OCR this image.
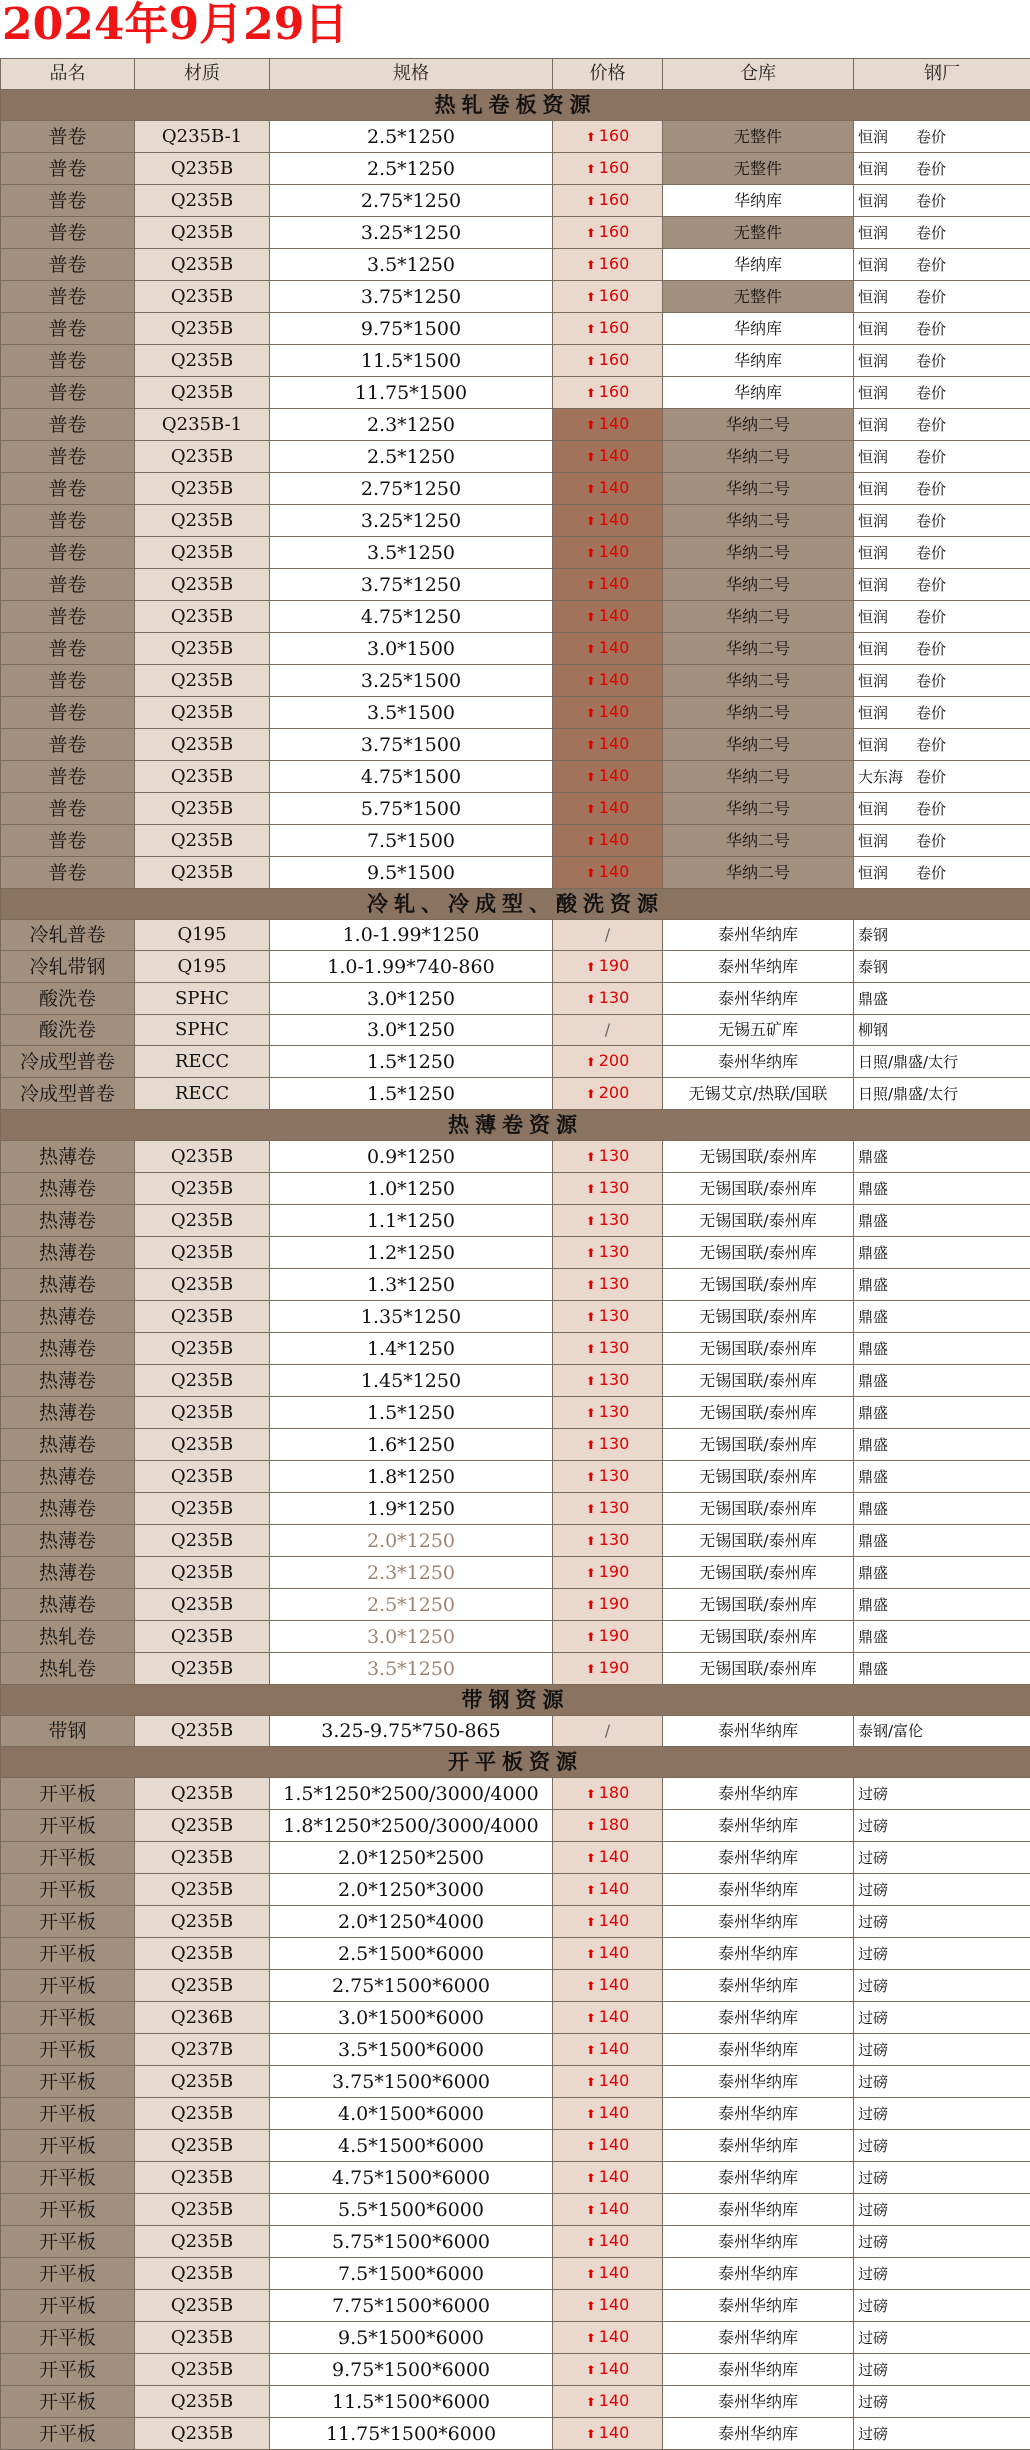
2024年9月29日
品名	材质	规格	价格	仓库	钢厂
热轧卷板资源					
普卷	Q235B-1	2.5*1250	⬆ 160	无整件	恒润 卷价
普卷	Q235B	2.5*1250	⬆ 160	无整件	恒润 卷价
普卷	Q235B	2.75*1250	⬆ 160	华纳库	恒润 卷价
普卷	Q235B	3.25*1250	⬆ 160	无整件	恒润 卷价
普卷	Q235B	3.5*1250	⬆ 160	华纳库	恒润 卷价
普卷	Q235B	3.75*1250	⬆ 160	无整件	恒润 卷价
普卷	Q235B	9.75*1500	⬆ 160	华纳库	恒润 卷价
普卷	Q235B	11.5*1500	⬆ 160	华纳库	恒润 卷价
普卷	Q235B	11.75*1500	⬆ 160	华纳库	恒润 卷价
普卷	Q235B-1	2.3*1250	⬆ 140	华纳二号	恒润 卷价
普卷	Q235B	2.5*1250	⬆ 140	华纳二号	恒润 卷价
普卷	Q235B	2.75*1250	⬆ 140	华纳二号	恒润 卷价
普卷	Q235B	3.25*1250	⬆ 140	华纳二号	恒润 卷价
普卷	Q235B	3.5*1250	⬆ 140	华纳二号	恒润 卷价
普卷	Q235B	3.75*1250	⬆ 140	华纳二号	恒润 卷价
普卷	Q235B	4.75*1250	⬆ 140	华纳二号	恒润 卷价
普卷	Q235B	3.0*1500	⬆ 140	华纳二号	恒润 卷价
普卷	Q235B	3.25*1500	⬆ 140	华纳二号	恒润 卷价
普卷	Q235B	3.5*1500	⬆ 140	华纳二号	恒润 卷价
普卷	Q235B	3.75*1500	⬆ 140	华纳二号	恒润 卷价
普卷	Q235B	4.75*1500	⬆ 140	华纳二号	大东海 卷价
普卷	Q235B	5.75*1500	⬆ 140	华纳二号	恒润 卷价
普卷	Q235B	7.5*1500	⬆ 140	华纳二号	恒润 卷价
普卷	Q235B	9.5*1500	⬆ 140	华纳二号	恒润 卷价
冷轧、冷成型、酸洗资源					
冷轧普卷	Q195	1.0-1.99*1250	/	泰州华纳库	泰钢
冷轧带钢	Q195	1.0-1.99*740-860	⬆ 190	泰州华纳库	泰钢
酸洗卷	SPHC	3.0*1250	⬆ 130	泰州华纳库	鼎盛
酸洗卷	SPHC	3.0*1250	/	无锡五矿库	柳钢
冷成型普卷	RECC	1.5*1250	⬆ 200	泰州华纳库	日照/鼎盛/太行
冷成型普卷	RECC	1.5*1250	⬆ 200	无锡艾京/热联/国联	日照/鼎盛/太行
热薄卷资源					
热薄卷	Q235B	0.9*1250	⬆ 130	无锡国联/泰州库	鼎盛
热薄卷	Q235B	1.0*1250	⬆ 130	无锡国联/泰州库	鼎盛
热薄卷	Q235B	1.1*1250	⬆ 130	无锡国联/泰州库	鼎盛
热薄卷	Q235B	1.2*1250	⬆ 130	无锡国联/泰州库	鼎盛
热薄卷	Q235B	1.3*1250	⬆ 130	无锡国联/泰州库	鼎盛
热薄卷	Q235B	1.35*1250	⬆ 130	无锡国联/泰州库	鼎盛
热薄卷	Q235B	1.4*1250	⬆ 130	无锡国联/泰州库	鼎盛
热薄卷	Q235B	1.45*1250	⬆ 130	无锡国联/泰州库	鼎盛
热薄卷	Q235B	1.5*1250	⬆ 130	无锡国联/泰州库	鼎盛
热薄卷	Q235B	1.6*1250	⬆ 130	无锡国联/泰州库	鼎盛
热薄卷	Q235B	1.8*1250	⬆ 130	无锡国联/泰州库	鼎盛
热薄卷	Q235B	1.9*1250	⬆ 130	无锡国联/泰州库	鼎盛
热薄卷	Q235B	2.0*1250	⬆ 130	无锡国联/泰州库	鼎盛
热薄卷	Q235B	2.3*1250	⬆ 190	无锡国联/泰州库	鼎盛
热薄卷	Q235B	2.5*1250	⬆ 190	无锡国联/泰州库	鼎盛
热轧卷	Q235B	3.0*1250	⬆ 190	无锡国联/泰州库	鼎盛
热轧卷	Q235B	3.5*1250	⬆ 190	无锡国联/泰州库	鼎盛
带钢资源					
带钢	Q235B	3.25-9.75*750-865	/	泰州华纳库	泰钢/富伦
开平板资源					
开平板	Q235B	1.5*1250*2500/3000/4000	⬆ 180	泰州华纳库	过磅
开平板	Q235B	1.8*1250*2500/3000/4000	⬆ 180	泰州华纳库	过磅
开平板	Q235B	2.0*1250*2500	⬆ 140	泰州华纳库	过磅
开平板	Q235B	2.0*1250*3000	⬆ 140	泰州华纳库	过磅
开平板	Q235B	2.0*1250*4000	⬆ 140	泰州华纳库	过磅
开平板	Q235B	2.5*1500*6000	⬆ 140	泰州华纳库	过磅
开平板	Q235B	2.75*1500*6000	⬆ 140	泰州华纳库	过磅
开平板	Q236B	3.0*1500*6000	⬆ 140	泰州华纳库	过磅
开平板	Q237B	3.5*1500*6000	⬆ 140	泰州华纳库	过磅
开平板	Q235B	3.75*1500*6000	⬆ 140	泰州华纳库	过磅
开平板	Q235B	4.0*1500*6000	⬆ 140	泰州华纳库	过磅
开平板	Q235B	4.5*1500*6000	⬆ 140	泰州华纳库	过磅
开平板	Q235B	4.75*1500*6000	⬆ 140	泰州华纳库	过磅
开平板	Q235B	5.5*1500*6000	⬆ 140	泰州华纳库	过磅
开平板	Q235B	5.75*1500*6000	⬆ 140	泰州华纳库	过磅
开平板	Q235B	7.5*1500*6000	⬆ 140	泰州华纳库	过磅
开平板	Q235B	7.75*1500*6000	⬆ 140	泰州华纳库	过磅
开平板	Q235B	9.5*1500*6000	⬆ 140	泰州华纳库	过磅
开平板	Q235B	9.75*1500*6000	⬆ 140	泰州华纳库	过磅
开平板	Q235B	11.5*1500*6000	⬆ 140	泰州华纳库	过磅
开平板	Q235B	11.75*1500*6000	⬆ 140	泰州华纳库	过磅
